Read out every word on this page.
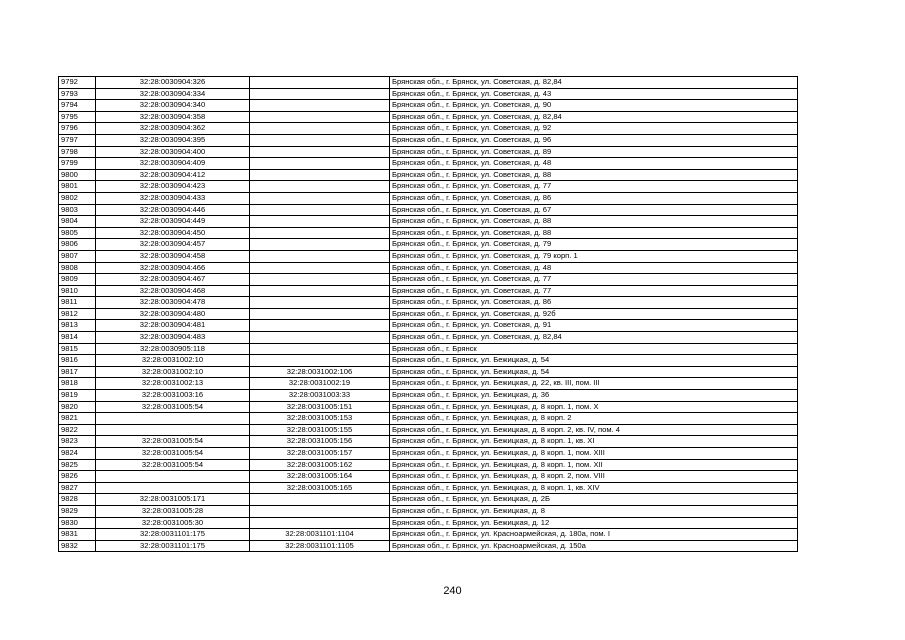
9792	32:28:0030904:326		Брянская обл., г. Брянск, ул. Советская, д. 82,84
9793	32:28:0030904:334		Брянская обл., г. Брянск, ул. Советская, д. 43
9794	32:28:0030904:340		Брянская обл., г. Брянск, ул. Советская, д. 90
9795	32:28:0030904:358		Брянская обл., г. Брянск, ул. Советская, д. 82,84
9796	32:28:0030904:362		Брянская обл., г. Брянск, ул. Советская, д. 92
9797	32:28:0030904:395		Брянская обл., г. Брянск, ул. Советская, д. 96
9798	32:28:0030904:400		Брянская обл., г. Брянск, ул. Советская, д. 89
9799	32:28:0030904:409		Брянская обл., г. Брянск, ул. Советская, д. 48
9800	32:28:0030904:412		Брянская обл., г. Брянск, ул. Советская, д. 88
9801	32:28:0030904:423		Брянская обл., г. Брянск, ул. Советская, д. 77
9802	32:28:0030904:433		Брянская обл., г. Брянск, ул. Советская, д. 86
9803	32:28:0030904:446		Брянская обл., г. Брянск, ул. Советская, д. 67
9804	32:28:0030904:449		Брянская обл., г. Брянск, ул. Советская, д. 88
9805	32:28:0030904:450		Брянская обл., г. Брянск, ул. Советская, д. 88
9806	32:28:0030904:457		Брянская обл., г. Брянск, ул. Советская, д. 79
9807	32:28:0030904:458		Брянская обл., г. Брянск, ул. Советская, д. 79 корп. 1
9808	32:28:0030904:466		Брянская обл., г. Брянск, ул. Советская, д. 48
9809	32:28:0030904:467		Брянская обл., г. Брянск, ул. Советская, д. 77
9810	32:28:0030904:468		Брянская обл., г. Брянск, ул. Советская, д. 77
9811	32:28:0030904:478		Брянская обл., г. Брянск, ул. Советская, д. 86
9812	32:28:0030904:480		Брянская обл., г. Брянск, ул. Советская, д. 92б
9813	32:28:0030904:481		Брянская обл., г. Брянск, ул. Советская, д. 91
9814	32:28:0030904:483		Брянская обл., г. Брянск, ул. Советская, д. 82,84
9815	32:28:0030905:118		Брянская обл., г. Брянск
9816	32:28:0031002:10		Брянская обл., г. Брянск, ул. Бежицкая, д. 54
9817	32:28:0031002:10	32:28:0031002:106	Брянская обл., г. Брянск, ул. Бежицкая, д. 54
9818	32:28:0031002:13	32:28:0031002:19	Брянская обл., г. Брянск, ул. Бежицкая, д. 22, кв. III, пом. III
9819	32:28:0031003:16	32:28:0031003:33	Брянская обл., г. Брянск, ул. Бежицкая, д. 36
9820	32:28:0031005:54	32:28:0031005:151	Брянская обл., г. Брянск, ул. Бежицкая, д. 8 корп. 1, пом. X
9821		32:28:0031005:153	Брянская обл., г. Брянск, ул. Бежицкая, д. 8 корп. 2
9822		32:28:0031005:155	Брянская обл., г. Брянск, ул. Бежицкая, д. 8 корп. 2, кв. IV, пом. 4
9823	32:28:0031005:54	32:28:0031005:156	Брянская обл., г. Брянск, ул. Бежицкая, д. 8 корп. 1, кв. XI
9824	32:28:0031005:54	32:28:0031005:157	Брянская обл., г. Брянск, ул. Бежицкая, д. 8 корп. 1, пом. XIII
9825	32:28:0031005:54	32:28:0031005:162	Брянская обл., г. Брянск, ул. Бежицкая, д. 8 корп. 1, пом. XII
9826		32:28:0031005:164	Брянская обл., г. Брянск, ул. Бежицкая, д. 8 корп. 2, пом. VIII
9827		32:28:0031005:165	Брянская обл., г. Брянск, ул. Бежицкая, д. 8 корп. 1, кв. XIV
9828	32:28:0031005:171		Брянская обл., г. Брянск, ул. Бежицкая, д. 2Б
9829	32:28:0031005:28		Брянская обл., г. Брянск, ул. Бежицкая, д. 8
9830	32:28:0031005:30		Брянская обл., г. Брянск, ул. Бежицкая, д. 12
9831	32:28:0031101:175	32:28:0031101:1104	Брянская обл., г. Брянск, ул. Красноармейская, д. 180а, пом. I
9832	32:28:0031101:175	32:28:0031101:1105	Брянская обл., г. Брянск, ул. Красноармейская, д. 150а
240
